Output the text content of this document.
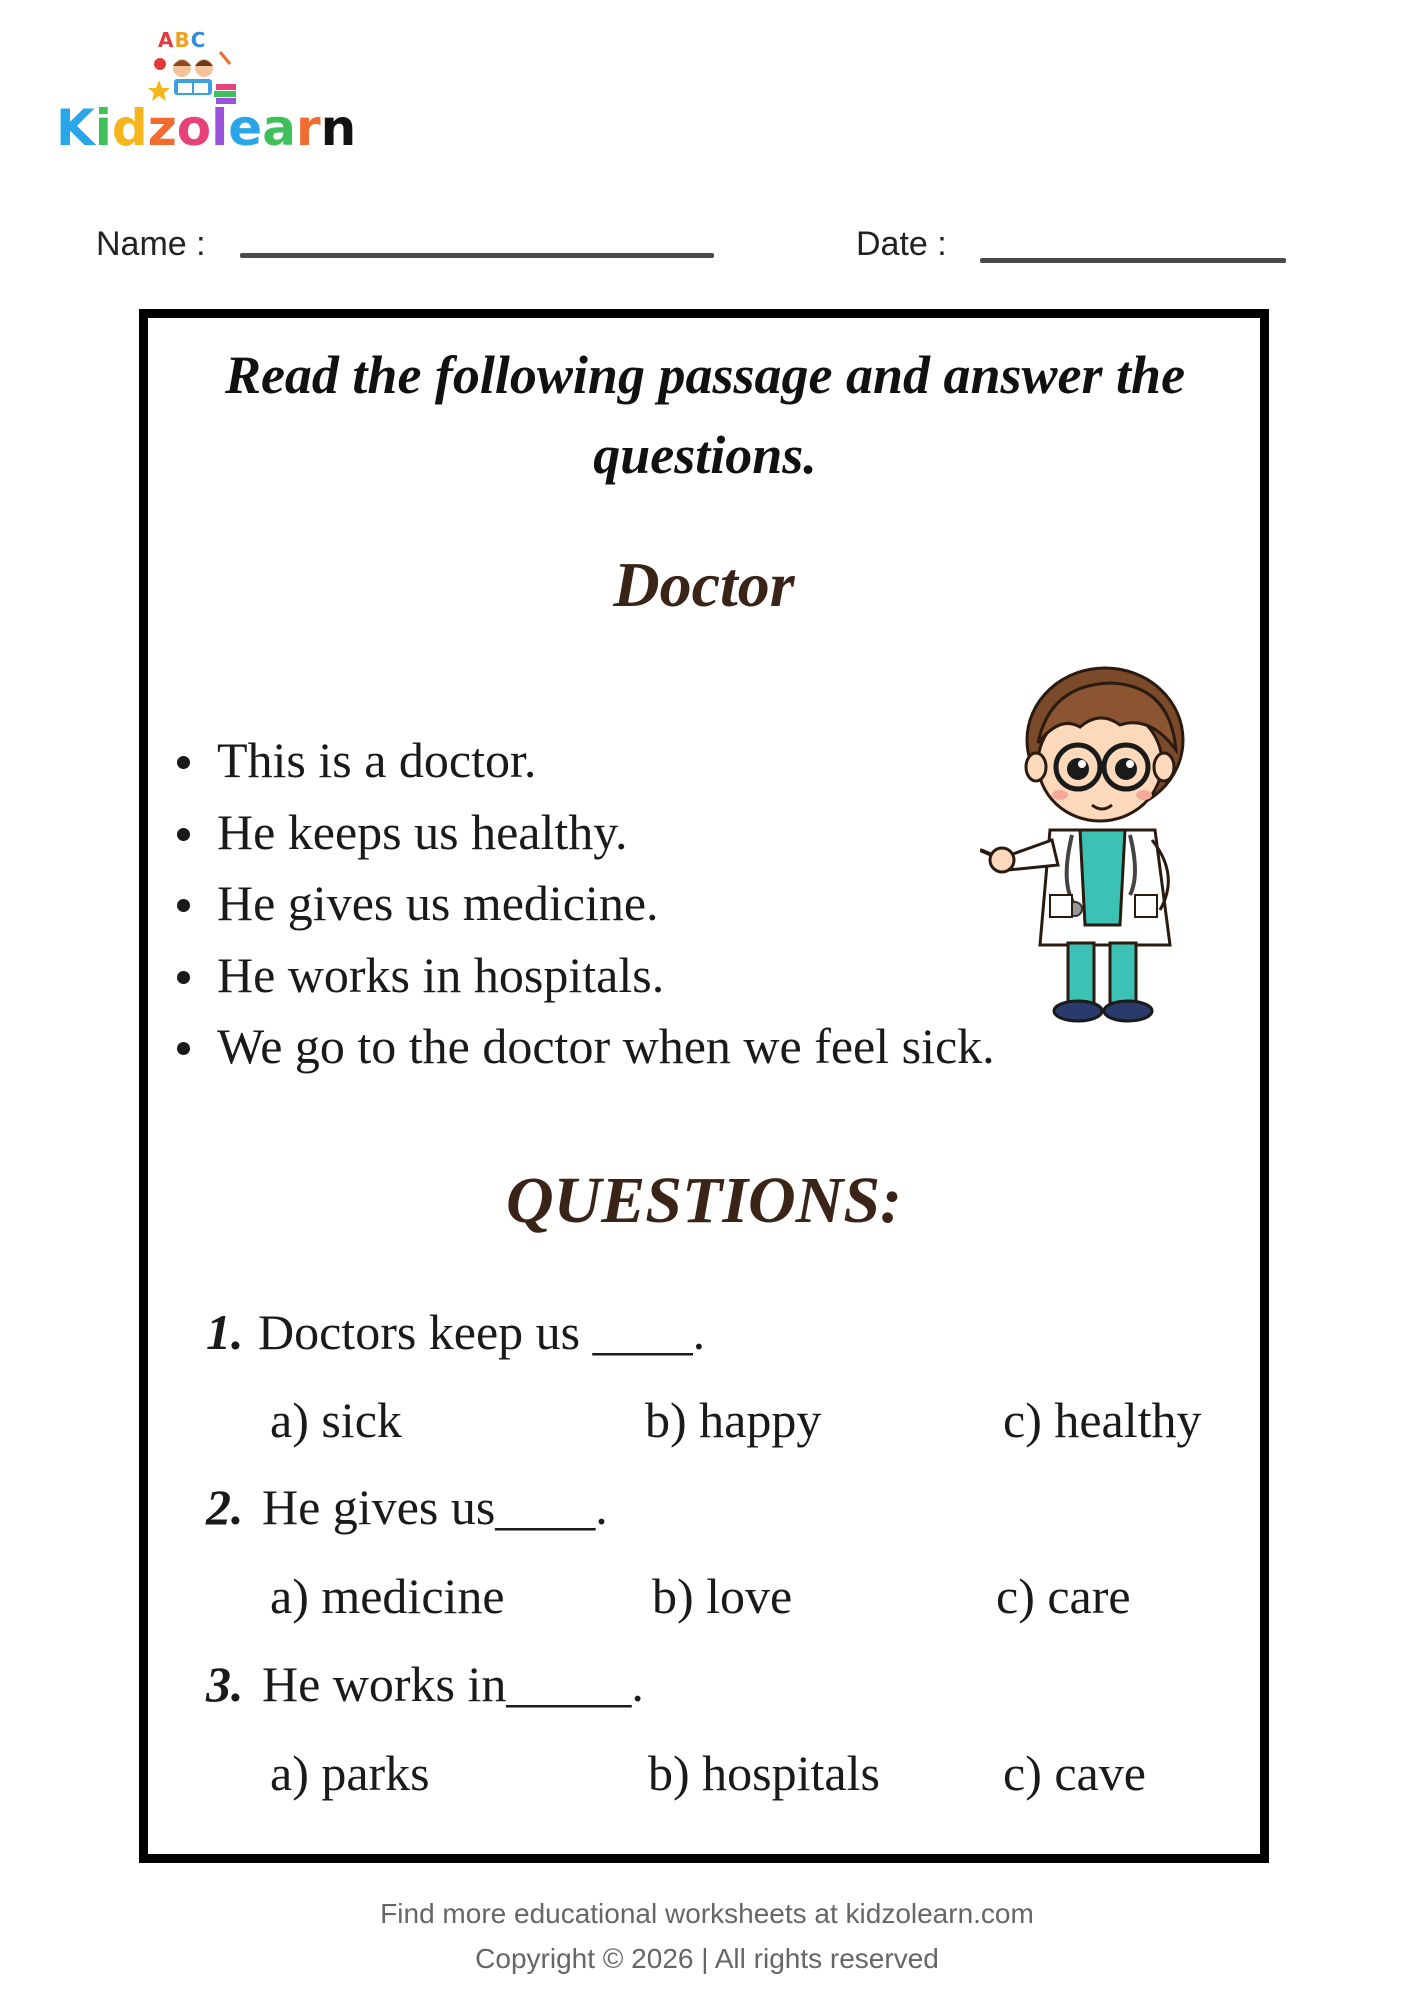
ABC
Kidzolearn
Name :	Date :
Read the following passage and answer the questions.
Doctor
This is a doctor.
He keeps us healthy.
He gives us medicine.
He works in hospitals.
We go to the doctor when we feel sick.
QUESTIONS:
1. Doctors keep us ____.
a) sick	b) happy	c) healthy
2. He gives us____.
a) medicine	b) love	c) care
3. He works in_____.
a) parks	b) hospitals c) cave
Find more educational worksheets at kidzolearn.com
Copyright © 2026 | All rights reserved
